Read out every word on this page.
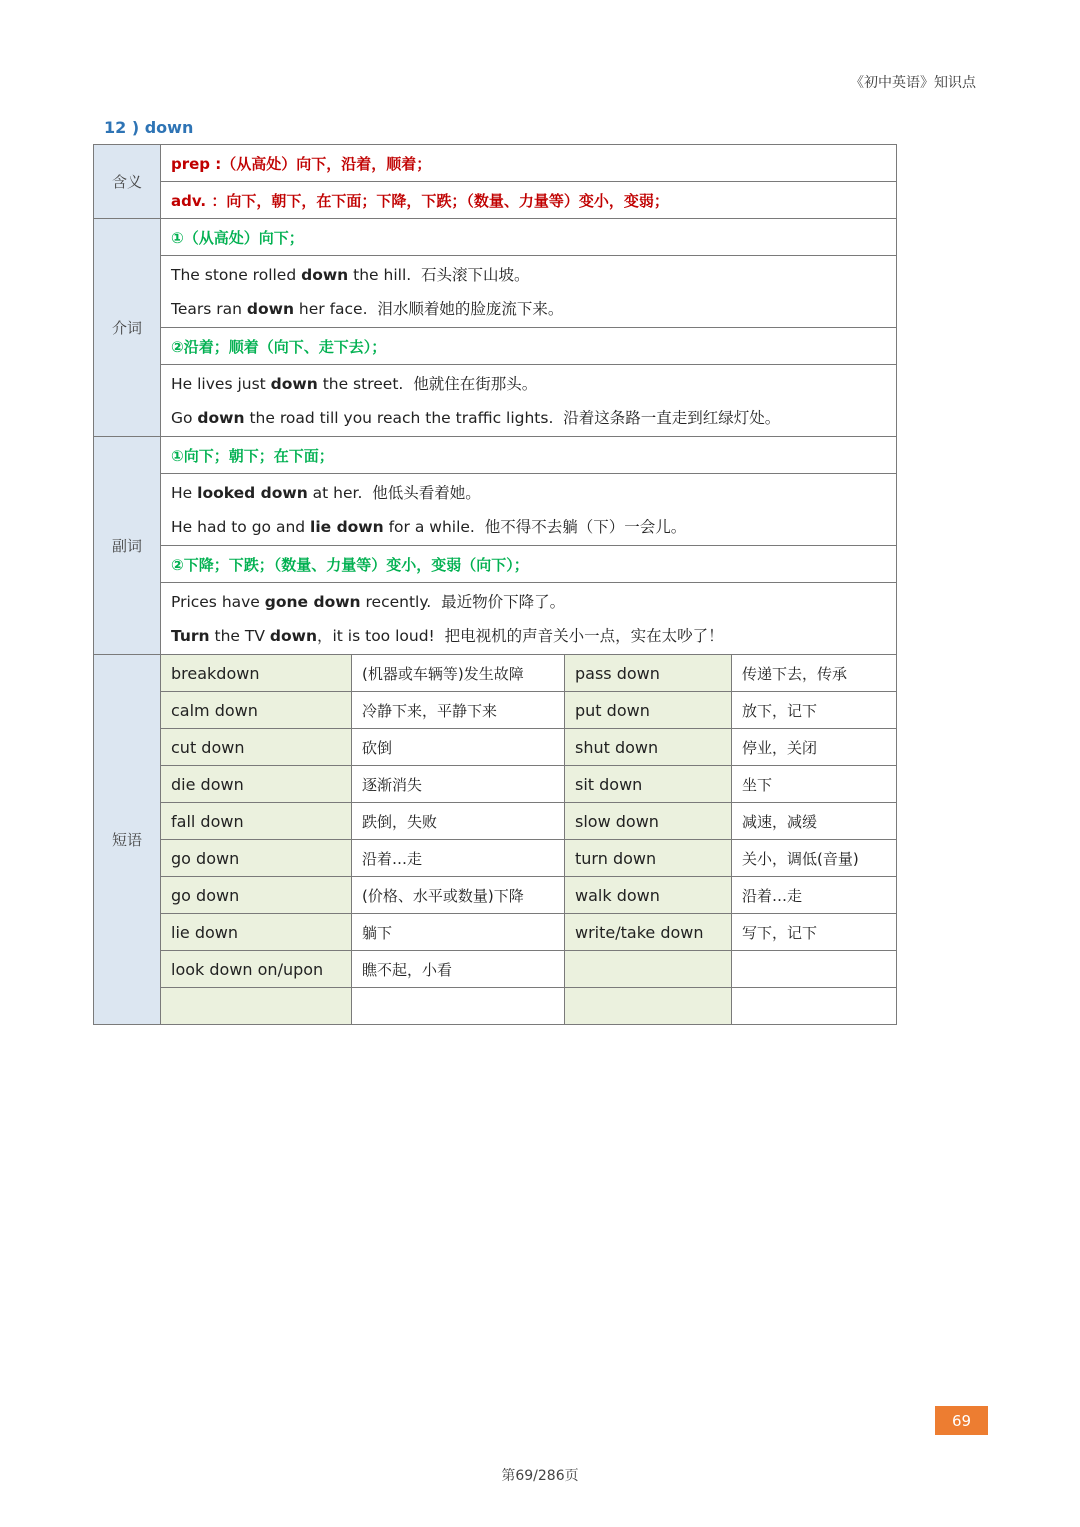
《初中英语》知识点
12 ) down
含义	prep :（从高处）向下，沿着，顺着；			
	adv. ：向下，朝下，在下面；下降，下跌；（数量、力量等）变小，变弱；			
介词	①（从高处）向下；			

	The stone rolled down the hill. 石头滚下山坡。
Tears ran down her face. 泪水顺着她的脸庞流下来。			

	②沿着；顺着（向下、走下去）；			

	He lives just down the street. 他就住在街那头。
Go down the road till you reach the traffic lights. 沿着这条路一直走到红绿灯处。			

副词	①向下；朝下；在下面；			

	He looked down at her. 他低头看着她。
He had to go and lie down for a while. 他不得不去躺（下）一会儿。			

	②下降；下跌；（数量、力量等）变小，变弱（向下）；			

	Prices have gone down recently. 最近物价下降了。
Turn the TV down，it is too loud! 把电视机的声音关小一点，实在太吵了！			

短语	breakdown	(机器或车辆等)发生故障	pass down	传递下去，传承
	calm down	冷静下来，平静下来	put down	放下，记下
	cut down	砍倒	shut down	停业，关闭
	die down	逐渐消失	sit down	坐下
	fall down	跌倒，失败	slow down	减速，减缓
	go down	沿着…走	turn down	关小，调低(音量)
	go down	(价格、水平或数量)下降	walk down	沿着…走
	lie down	躺下	write/take down	写下，记下
	look down on/upon	瞧不起，小看		

69
第69/286页
